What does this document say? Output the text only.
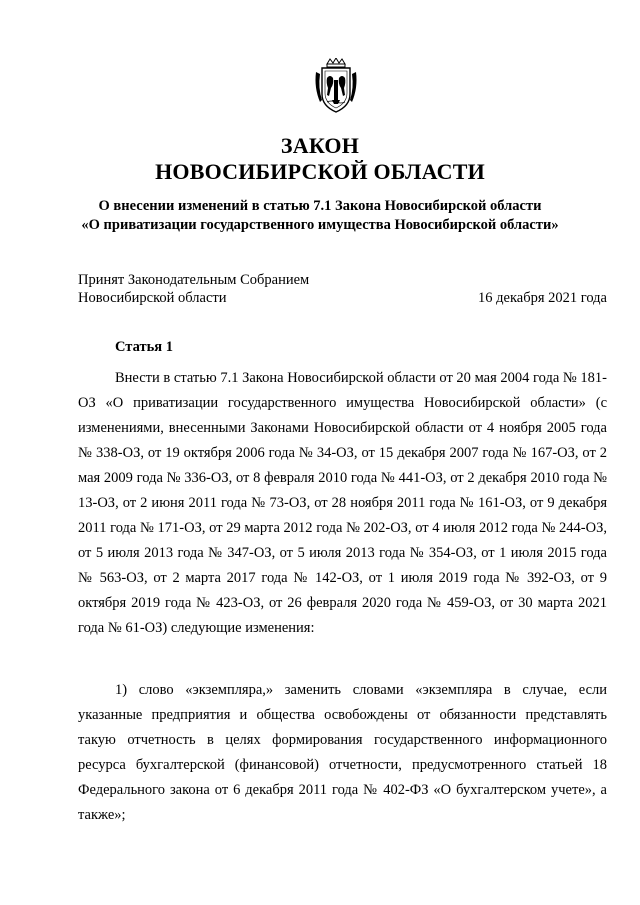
ЗАКОН
НОВОСИБИРСКОЙ ОБЛАСТИ
О внесении изменений в статью 7.1 Закона Новосибирской области
«О приватизации государственного имущества Новосибирской области»
Принят Законодательным Собранием
Новосибирской области	16 декабря 2021 года
Статья 1
Внести в статью 7.1 Закона Новосибирской области от 20 мая 2004 года № 181-ОЗ «О приватизации государственного имущества Новосибирской области» (с изменениями, внесенными Законами Новосибирской области от 4 ноября 2005 года № 338-ОЗ, от 19 октября 2006 года № 34-ОЗ, от 15 декабря 2007 года № 167-ОЗ, от 2 мая 2009 года № 336-ОЗ, от 8 февраля 2010 года № 441-ОЗ, от 2 декабря 2010 года № 13-ОЗ, от 2 июня 2011 года № 73-ОЗ, от 28 ноября 2011 года № 161-ОЗ, от 9 декабря 2011 года № 171-ОЗ, от 29 марта 2012 года № 202-ОЗ, от 4 июля 2012 года № 244-ОЗ, от 5 июля 2013 года № 347-ОЗ, от 5 июля 2013 года № 354-ОЗ, от 1 июля 2015 года № 563-ОЗ, от 2 марта 2017 года № 142-ОЗ, от 1 июля 2019 года № 392-ОЗ, от 9 октября 2019 года № 423-ОЗ, от 26 февраля 2020 года № 459-ОЗ, от 30 марта 2021 года № 61-ОЗ) следующие изменения:
1) слово «экземпляра,» заменить словами «экземпляра в случае, если указанные предприятия и общества освобождены от обязанности представлять такую отчетность в целях формирования государственного информационного ресурса бухгалтерской (финансовой) отчетности, предусмотренного статьей 18 Федерального закона от 6 декабря 2011 года № 402-ФЗ «О бухгалтерском учете», а также»;
